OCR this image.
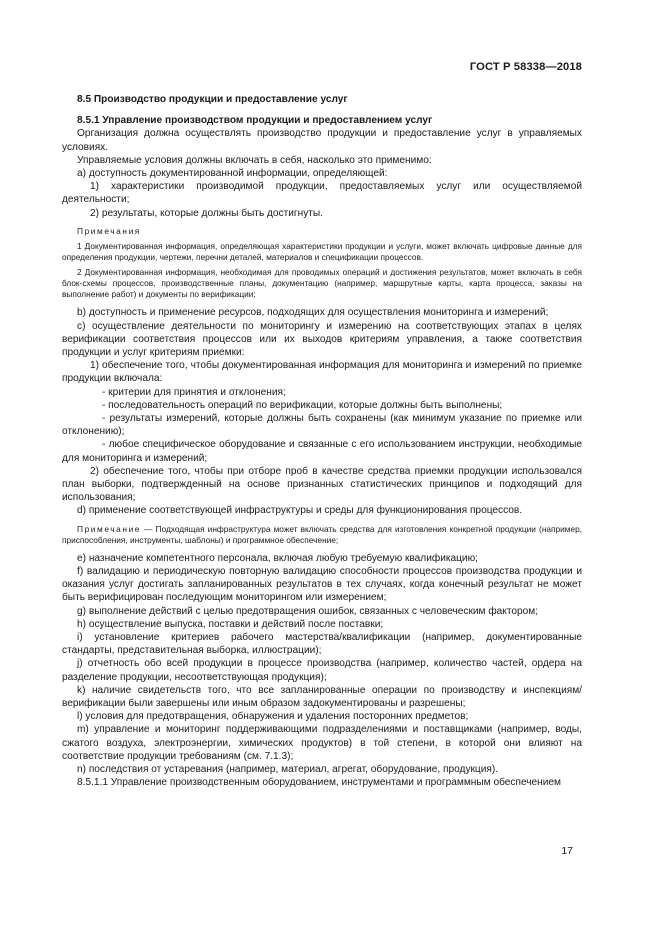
ГОСТ Р 58338—2018

8.5 Производство продукции и предоставление услуг

8.5.1 Управление производством продукции и предоставлением услуг

Организация должна осуществлять производство продукции и предоставление услуг в управляемых условиях.

Управляемые условия должны включать в себя, насколько это применимо:

a) доступность документированной информации, определяющей:

1) характеристики производимой продукции, предоставляемых услуг или осуществляемой деятельности;

2) результаты, которые должны быть достигнуты.

Примечания

1 Документированная информация, определяющая характеристики продукции и услуги, может включать цифровые данные для определения продукции, чертежи, перечни деталей, материалов и спецификации процессов.

2 Документированная информация, необходимая для проводимых операций и достижения результатов, может включать в себя блок-схемы процессов, производственные планы, документацию (например, маршрутные карты, карта процесса, заказы на выполнение работ) и документы по верификации;

b) доступность и применение ресурсов, подходящих для осуществления мониторинга и измерений;

c) осуществление деятельности по мониторингу и измерению на соответствующих этапах в целях верификации соответствия процессов или их выходов критериям управления, а также соответствия продукции и услуг критериям приемки:

1) обеспечение того, чтобы документированная информация для мониторинга и измерений по приемке продукции включала:

- критерии для принятия и отклонения;

- последовательность операций по верификации, которые должны быть выполнены;

- результаты измерений, которые должны быть сохранены (как минимум указание по приемке или отклонению);

- любое специфическое оборудование и связанные с его использованием инструкции, необходимые для мониторинга и измерений;

2) обеспечение того, чтобы при отборе проб в качестве средства приемки продукции использовался план выборки, подтвержденный на основе признанных статистических принципов и подходящий для использования;

d) применение соответствующей инфраструктуры и среды для функционирования процессов.

Примечание — Подходящая инфраструктура может включать средства для изготовления конкретной продукции (например, приспособления, инструменты, шаблоны) и программное обеспечение;

e) назначение компетентного персонала, включая любую требуемую квалификацию;

f) валидацию и периодическую повторную валидацию способности процессов производства продукции и оказания услуг достигать запланированных результатов в тех случаях, когда конечный результат не может быть верифицирован последующим мониторингом или измерением;

g) выполнение действий с целью предотвращения ошибок, связанных с человеческим фактором;

h) осуществление выпуска, поставки и действий после поставки;

i) установление критериев рабочего мастерства/квалификации (например, документированные стандарты, представительная выборка, иллюстрации);

j) отчетность обо всей продукции в процессе производства (например, количество частей, ордера на разделение продукции, несоответствующая продукция);

k) наличие свидетельств того, что все запланированные операции по производству и инспекциям/верификации были завершены или иным образом задокументированы и разрешены;

l) условия для предотвращения, обнаружения и удаления посторонних предметов;

m) управление и мониторинг поддерживающими подразделениями и поставщиками (например, воды, сжатого воздуха, электроэнергии, химических продуктов) в той степени, в которой они влияют на соответствие продукции требованиям (см. 7.1.3);

n) последствия от устаревания (например, материал, агрегат, оборудование, продукция).

8.5.1.1 Управление производственным оборудованием, инструментами и программным обеспечением

17
